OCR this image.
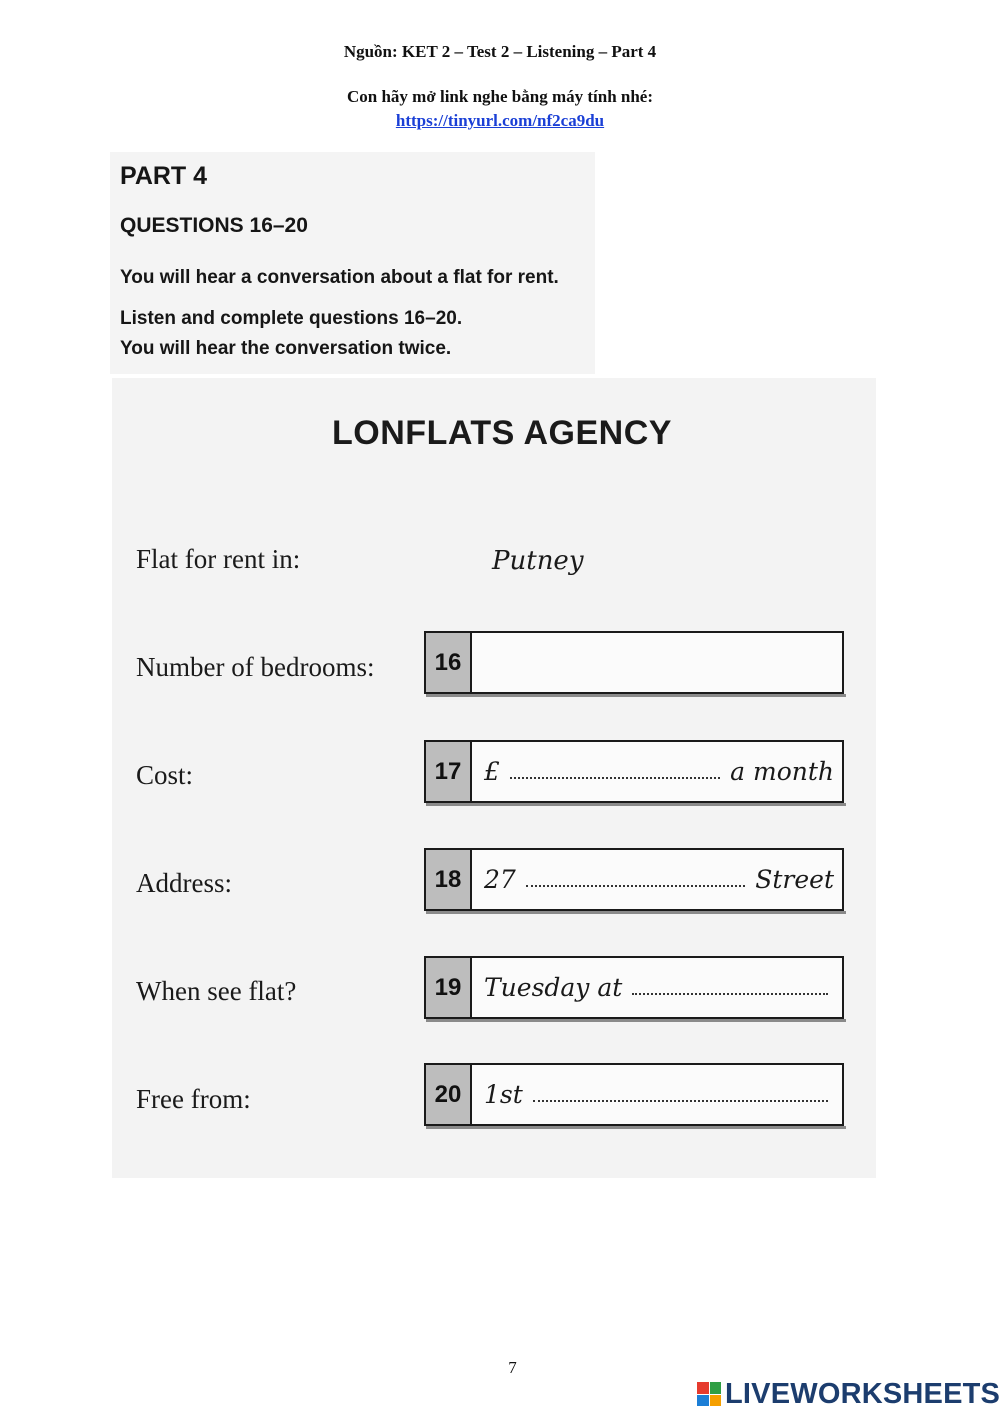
Nguồn: KET 2 – Test 2 – Listening – Part 4
Con hãy mở link nghe bằng máy tính nhé:
https://tinyurl.com/nf2ca9du
PART 4
QUESTIONS 16–20
You will hear a conversation about a flat for rent.
Listen and complete questions 16–20.
You will hear the conversation twice.
LONFLATS AGENCY
Flat for rent in:	Putney
Number of bedrooms:	16
Cost:	17 £	a month
Address:	18 27	Street
When see flat?	19 Tuesday at
Free from:	20 1st
7
LIVEWORKSHEETS
